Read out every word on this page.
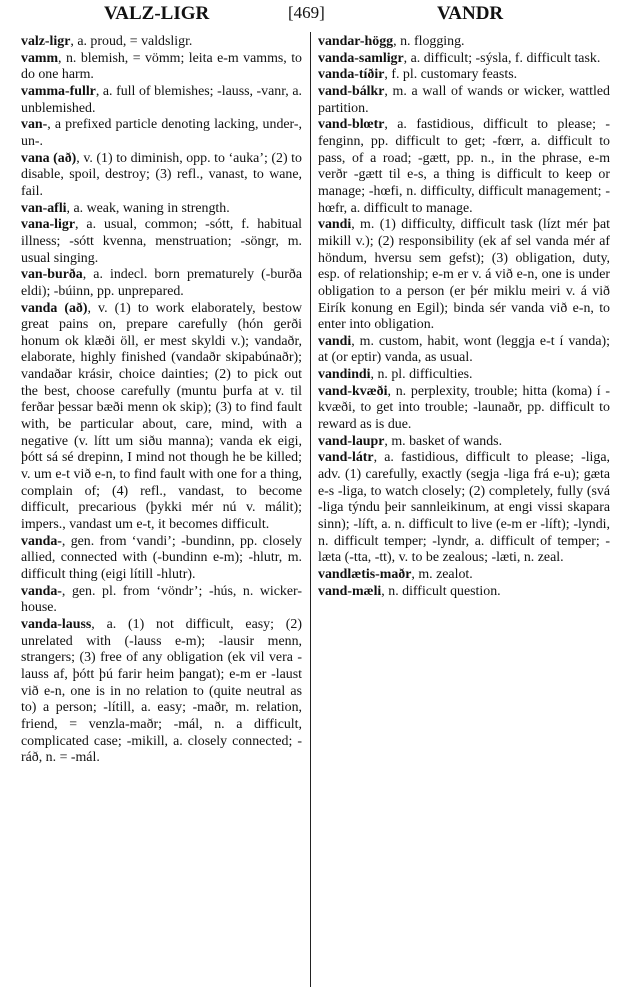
VALZ-LIGR	[469]	VANDR

valz-ligr, a. proud, = valdsligr.

vamm, n. blemish, = vömm; leita e-m vamms, to do one harm.

vamma-fullr, a. full of blemishes; -lauss, -vanr, a. unblemished.

van-, a prefixed particle denoting lacking, under-, un-.

vana (að), v. (1) to diminish, opp. to ‘auka’; (2) to disable, spoil, destroy; (3) refl., vanast, to wane, fail.

van-afli, a. weak, waning in strength.

vana-ligr, a. usual, common; -sótt, f. habitual illness; -sótt kvenna, menstruation; -söngr, m. usual singing.

van-burða, a. indecl. born prematurely (-burða eldi); -búinn, pp. unprepared.

vanda (að), v. (1) to work elaborately, bestow great pains on, prepare carefully (hón gerði honum ok klæði öll, er mest skyldi v.); vandaðr, elaborate, highly finished (vandaðr skipabúnaðr); vandaðar krásir, choice dainties; (2) to pick out the best, choose carefully (muntu þurfa at v. til ferðar þessar bæði menn ok skip); (3) to find fault with, be particular about, care, mind, with a negative (v. lítt um siðu manna); vanda ek eigi, þótt sá sé drepinn, I mind not though he be killed; v. um e-t við e-n, to find fault with one for a thing, complain of; (4) refl., vandast, to become difficult, precarious (þykki mér nú v. málit); impers., vandast um e-t, it becomes difficult.

vanda-, gen. from ‘vandi’; -bundinn, pp. closely allied, connected with (-bundinn e-m); -hlutr, m. difficult thing (eigi lítill -hlutr).

vanda-, gen. pl. from ‘vöndr’; -hús, n. wicker-house.

vanda-lauss, a. (1) not difficult, easy; (2) unrelated with (-lauss e-m); -lausir menn, strangers; (3) free of any obligation (ek vil vera -lauss af, þótt þú farir heim þangat); e-m er -laust við e-n, one is in no relation to (quite neutral as to) a person; -lítill, a. easy; -maðr, m. relation, friend, = venzla-maðr; -mál, n. a difficult, complicated case; -mikill, a. closely connected; -ráð, n. = -mál.

vandar-högg, n. flogging.

vanda-samligr, a. difficult; -sýsla, f. difficult task.

vanda-tíðir, f. pl. customary feasts.

vand-bálkr, m. a wall of wands or wicker, wattled partition.

vand-blœtr, a. fastidious, difficult to please; -fenginn, pp. difficult to get; -fœrr, a. difficult to pass, of a road; -gætt, pp. n., in the phrase, e-m verðr -gætt til e-s, a thing is difficult to keep or manage; -hœfi, n. difficulty, difficult management; -hœfr, a. difficult to manage.

vandi, m. (1) difficulty, difficult task (lízt mér þat mikill v.); (2) responsibility (ek af sel vanda mér af höndum, hversu sem gefst); (3) obligation, duty, esp. of relationship; e-m er v. á við e-n, one is under obligation to a person (er þér miklu meiri v. á við Eirík konung en Egil); binda sér vanda við e-n, to enter into obligation.

vandi, m. custom, habit, wont (leggja e-t í vanda); at (or eptir) vanda, as usual.

vandindi, n. pl. difficulties.

vand-kvæði, n. perplexity, trouble; hitta (koma) í -kvæði, to get into trouble; -launaðr, pp. difficult to reward as is due.

vand-laupr, m. basket of wands.

vand-látr, a. fastidious, difficult to please; -liga, adv. (1) carefully, exactly (segja -liga frá e-u); gæta e-s -liga, to watch closely; (2) completely, fully (svá -liga týndu þeir sannleikinum, at engi vissi skapara sinn); -líft, a. n. difficult to live (e-m er -líft); -lyndi, n. difficult temper; -lyndr, a. difficult of temper; -læta (-tta, -tt), v. to be zealous; -læti, n. zeal.

vandlætis-maðr, m. zealot.

vand-mæli, n. difficult question.
